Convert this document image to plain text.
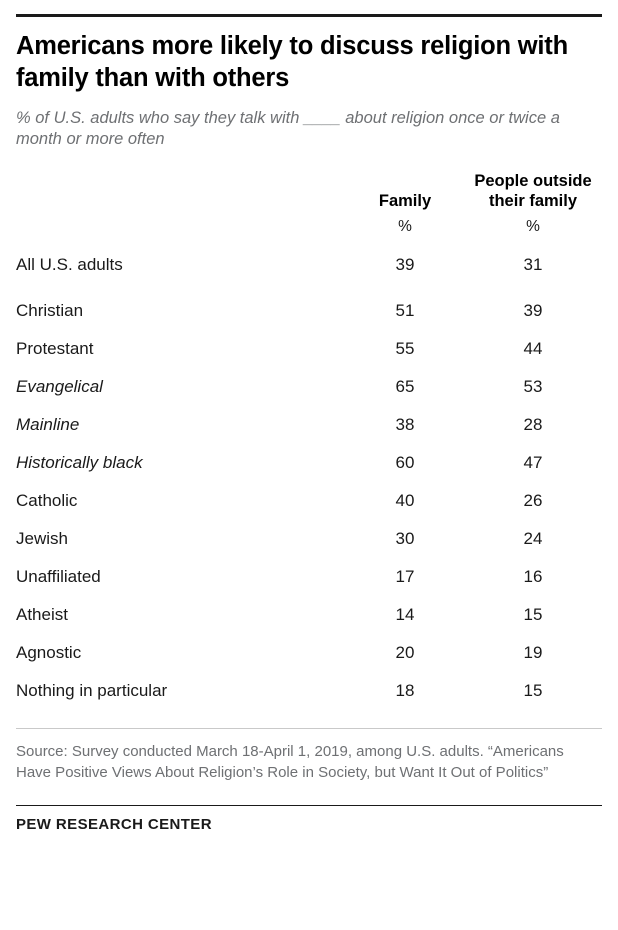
Americans more likely to discuss religion with family than with others

% of U.S. adults who say they talk with ____ about religion once or twice a month or more often

	Family	People outside their family
	%	%
All U.S. adults	39	31
Christian	51	39
Protestant	55	44
Evangelical	65	53
Mainline	38	28
Historically black	60	47
Catholic	40	26
Jewish	30	24
Unaffiliated	17	16
Atheist	14	15
Agnostic	20	19
Nothing in particular	18	15

Source: Survey conducted March 18-April 1, 2019, among U.S. adults. “Americans Have Positive Views About Religion’s Role in Society, but Want It Out of Politics”

PEW RESEARCH CENTER
